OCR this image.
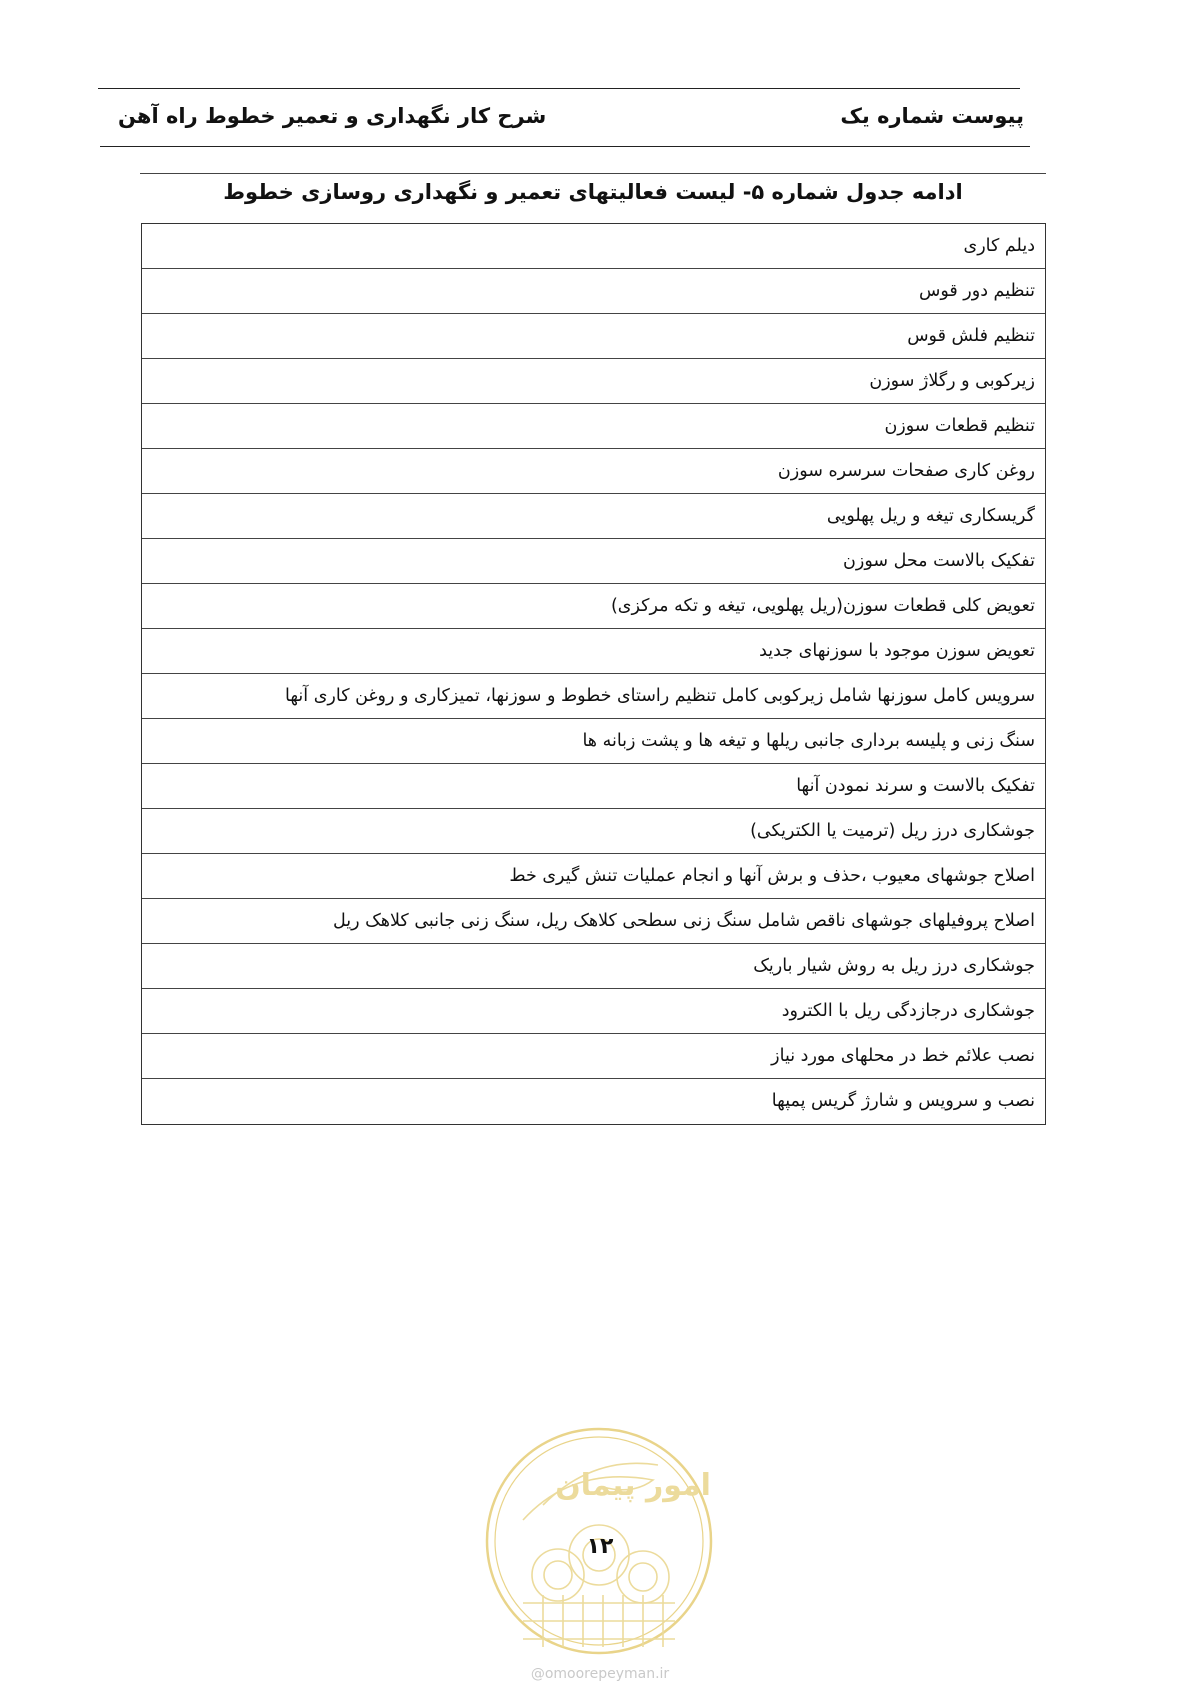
پیوست شماره یک
شرح کار نگهداری و تعمیر خطوط راه آهن
ادامه جدول شماره ۵- لیست فعالیتهای تعمیر و نگهداری روسازی خطوط
دیلم کاری
تنظیم دور قوس
تنظیم فلش قوس
زیرکوبی و رگلاژ سوزن
تنظیم قطعات سوزن
روغن کاری صفحات سرسره سوزن
گریسکاری تیغه و ریل پهلویی
تفکیک بالاست محل سوزن
تعویض کلی قطعات سوزن(ریل پهلویی، تیغه و تکه مرکزی)
تعویض سوزن موجود با سوزنهای جدید
سرویس کامل سوزنها شامل زیرکوبی کامل تنظیم راستای خطوط و سوزنها، تمیزکاری و روغن کاری آنها
سنگ زنی و پلیسه برداری جانبی ریلها و تیغه ها و پشت زبانه ها
تفکیک بالاست و سرند نمودن آنها
جوشکاری درز ریل (ترمیت یا الکتریکی)
اصلاح جوشهای معیوب ،حذف و برش آنها و انجام عملیات تنش گیری خط
اصلاح پروفیلهای جوشهای ناقص شامل سنگ زنی سطحی کلاهک ریل، سنگ زنی جانبی کلاهک ریل
جوشکاری درز ریل به روش شیار باریک
جوشکاری درجازدگی ریل با الکترود
نصب علائم خط در محلهای مورد نیاز
نصب و سرویس و شارژ گریس پمپها
امور پیمان
۱۲
@omoorepeyman.ir
